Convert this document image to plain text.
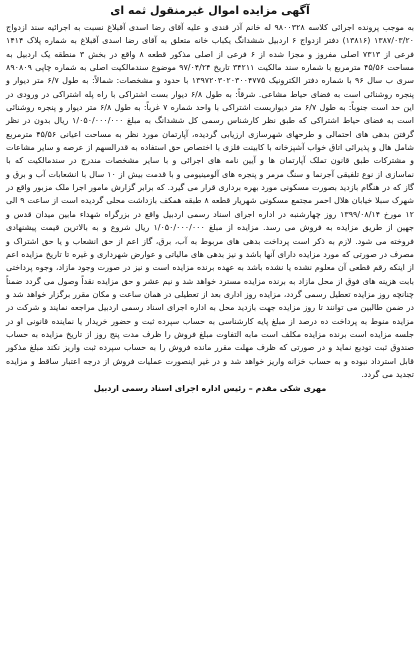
آگهی مزایده اموال غیرمنقول ثمه ای

به موجب پرونده اجرائی کلاسه ۹۸۰۰۳۲۸ له خانم آذر قندی و علیه آقای رضا اسدی آقبلاغ نسبت به اجرائیه سند ازدواج ۱۳۸۷/۰۳/۲۰ (۱۳۸۱۶) دفتر ازدواج ۶ اردبیل ششدانگ یکباب خانه متعلق به آقای رضا اسدی آقبلاغ به شماره پلاک ۱۴۱۴ فرعی از ۷۳۱۳ اصلی مفروز و مجزا شده از ۶ فرعی از اصلی مذکور قطعه ۸ واقع در بخش ۳ منطقه یک اردبیل به مساحت ۴۵/۵۶ مترمربع با شماره سند مالکیت ۳۴۲۱۱ تاریخ ۹۷/۰۴/۲۴ موضوع سندمالکیت اصلی به شماره چاپی ۸۹۰۸۰۹ سری ب سال ۹۶ با شماره دفتر الکترونیک ۱۳۹۷۲۰۳۰۲۰۳۰۰۴۷۷۵ با حدود و مشخصات: شمالاً: به طول ۶/۷ متر دیوار و پنجره روشنائی است به فضای حیاط مشاعی. شرقاً: به طول ۶/۸ دیوار بست اشتراکی با راه پله اشتراکی در ورودی در این حد است جنوباً: به طول ۶/۷ متر دیواربست اشتراکی با واحد شماره ۷ غرباً: به طول ۶/۸ متر دیوار و پنجره روشنائی است به فضای حیاط اشتراکی که طبق نظر کارشناس رسمی کل ششدانگ به مبلغ ۱/۰۵۰/۰۰۰/۰۰۰ ریال بدون در نظر گرفتن بدهی های احتمالی و طرحهای شهرسازی ارزیابی گردیده، آپارتمان مورد نظر به مساحت اعیانی ۴۵/۵۶ مترمربع شامل هال و پذیرائی اتاق خواب آشپزخانه با کابینت فلزی با اختصاص حق استفاده به قدرالسهم از عرصه و سایر مشاعات و مشترکات طبق قانون تملک آپارتمان ها و آیین نامه های اجرائی و با سایر مشخصات مندرج در سندمالکیت که با نماسازی از نوع تلفیقی آجرنما و سنگ مرمر و پنجره های آلومینیومی و با قدمت بیش از ۱۰ سال با انشعابات آب و برق و گاز که در هنگام بازدید بصورت مسکونی مورد بهره برداری قرار می گیرد. که برابر گزارش مامور اجرا ملک مزبور واقع در شهرک سبلا خیابان هلال احمر مجتمع مسکونی شهریار قطعه ۸ طبقه همکف بازداشت محلی گردیده است از ساعت ۹ الی ۱۲ مورخ ۱۳۹۹/۰۸/۱۴ روز چهارشنبه در اداره اجرای اسناد رسمی اردبیل واقع در بزرگراه شهداء مابین میدان قدس و جهین از طریق مزایده به فروش می رسد. مزایده از مبلغ ۱/۰۵۰/۰۰۰/۰۰۰ ریال شروع و به بالاترین قیمت پیشنهادی فروخته می شود. لازم به ذکر است پرداخت بدهی های مربوط به آب، برق، گاز اعم از حق انشعاب و یا حق اشتراک و مصرف در صورتی که مورد مزایده دارای آنها باشد و نیز بدهی های مالیاتی و عوارض شهرداری و غیره تا تاریخ مزایده اعم از اینکه رقم قطعی آن معلوم نشده یا نشده باشد به عهده برنده مزایده است و نیز در صورت وجود مازاد، وجوه پرداختی بابت هزینه های فوق از محل مازاد به برنده مزایده مسترد خواهد شد و نیم عشر و حق مزایده نقداً وصول می گردد ضمناً چنانچه روز مزایده تعطیل رسمی گردد، مزایده روز اداری بعد از تعطیلی در همان ساعت و مکان مقرر برگزار خواهد شد و در ضمن طالبین می توانند تا روز مزایده جهت بازدید محل به اداره اجرای اسناد رسمی اردبیل مراجعه نمایند و شرکت در مزایده منوط به پرداخت ده درصد از مبلغ پایه کارشناسی به حساب سپرده ثبت و حضور خریدار یا نماینده قانونی او در جلسه مزایده است برنده مزایده مکلف است مابه التفاوت مبلغ فروش را ظرف مدت پنج روز از تاریخ مزایده به حساب صندوق ثبت تودیع نماید و در صورتی که ظرف مهلت مقرر مانده فروش را به حساب سپرده ثبت واریز نکند مبلغ مذکور قابل استرداد نبوده و به حساب خزانه واریز خواهد شد و در غیر اینصورت عملیات فروش از درجه اعتبار ساقط و مزایده تجدید می گردد.

مهری شکی مقدم – رئیس اداره اجرای اسناد رسمی اردبیل
